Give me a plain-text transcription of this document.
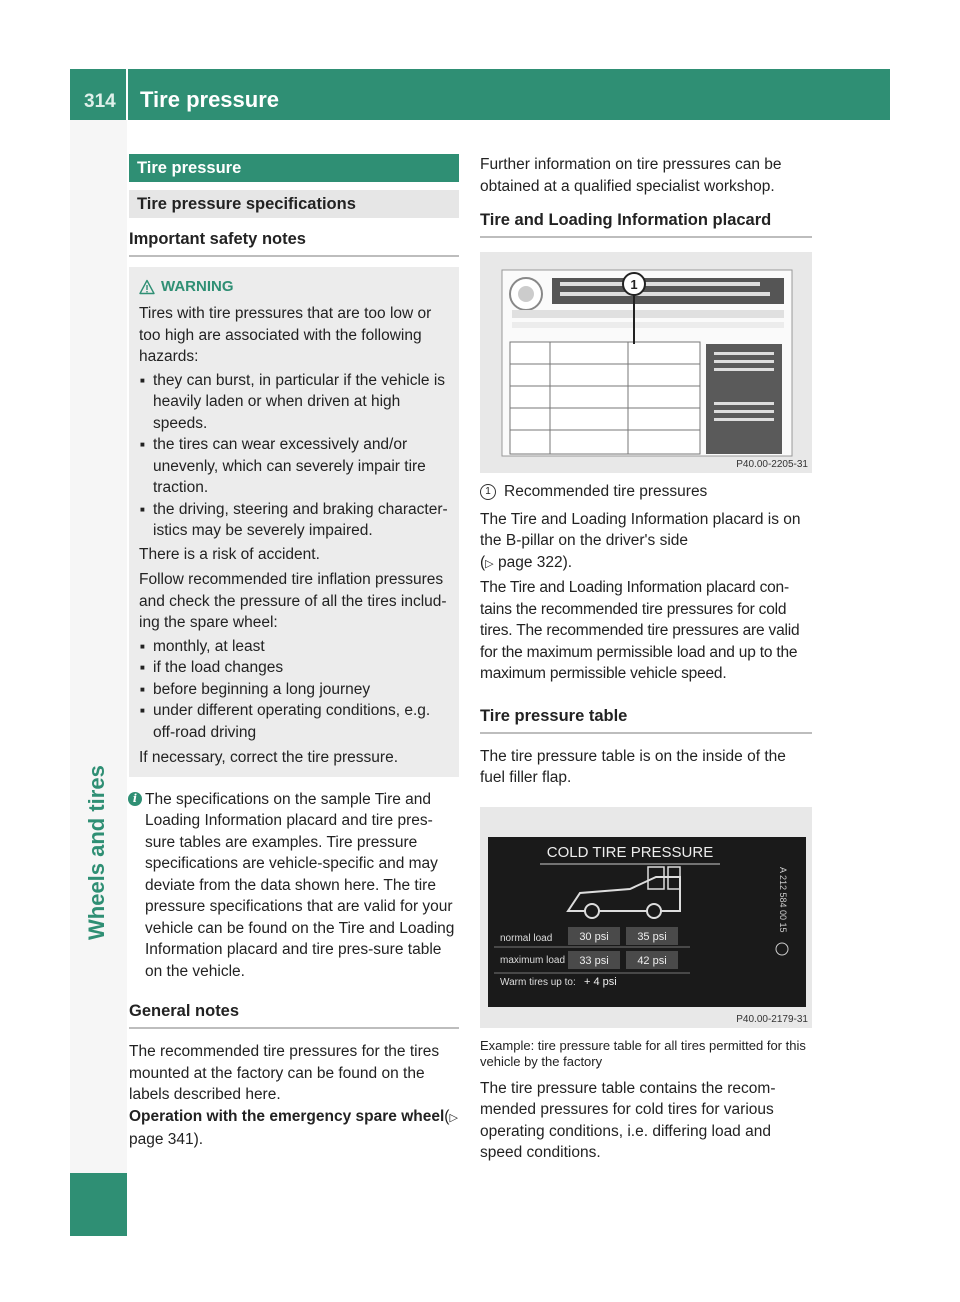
314 Tire pressure
Wheels and tires
Tire pressure
Tire pressure specifications
Important safety notes
WARNING

Tires with tire pressures that are too low or too high are associated with the following hazards:

■ they can burst, in particular if the vehicle is heavily laden or when driven at high speeds.
■ the tires can wear excessively and/or unevenly, which can severely impair tire traction.
■ the driving, steering and braking character-istics may be severely impaired.

There is a risk of accident.

Follow recommended tire inflation pressures and check the pressure of all the tires includ-ing the spare wheel:

■ monthly, at least
■ if the load changes
■ before beginning a long journey
■ under different operating conditions, e.g. off-road driving

If necessary, correct the tire pressure.

i The specifications on the sample Tire and Loading Information placard and tire pres-sure tables are examples. Tire pressure specifications are vehicle-specific and may deviate from the data shown here. The tire pressure specifications that are valid for your vehicle can be found on the Tire and Loading Information placard and tire pres-sure table on the vehicle.

General notes

The recommended tire pressures for the tires mounted at the factory can be found on the labels described here.

Operation with the emergency spare wheel(▷ page 341).

Further information on tire pressures can be obtained at a qualified specialist workshop.

Tire and Loading Information placard
1
P40.00-2205-31

1 Recommended tire pressures

The Tire and Loading Information placard is on the B-pillar on the driver's side

(▷ page 322).

The Tire and Loading Information placard con-tains the recommended tire pressures for cold tires. The recommended tire pressures are valid for the maximum permissible load and up to the maximum permissible vehicle speed.

Tire pressure table

The tire pressure table is on the inside of the fuel filler flap.

COLD TIRE PRESSURE
normal load
maximum load
30 psi	35 psi
33 psi	42 psi
Warm tires up to: + 4 psi
A 212 584 00 15
P40.00-2179-31

Example: tire pressure table for all tires permitted for this vehicle by the factory

The tire pressure table contains the recom-mended pressures for cold tires for various operating conditions, i.e. differing load and speed conditions.
